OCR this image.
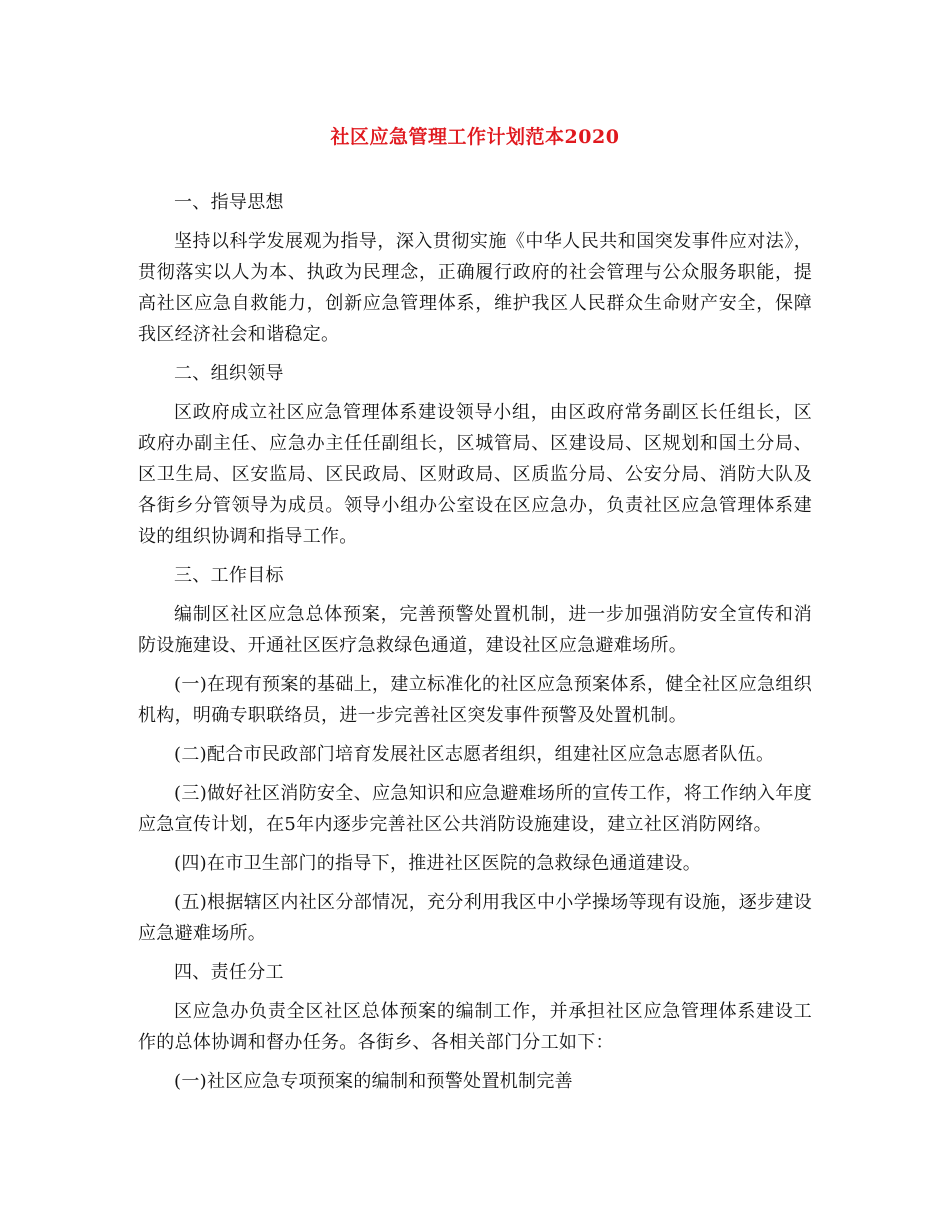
社区应急管理工作计划范本2020
一、指导思想
坚持以科学发展观为指导，深入贯彻实施《中华人民共和国突发事件应对法》，贯彻落实以人为本、执政为民理念，正确履行政府的社会管理与公众服务职能，提高社区应急自救能力，创新应急管理体系，维护我区人民群众生命财产安全，保障我区经济社会和谐稳定。
二、组织领导
区政府成立社区应急管理体系建设领导小组，由区政府常务副区长任组长，区政府办副主任、应急办主任任副组长，区城管局、区建设局、区规划和国土分局、区卫生局、区安监局、区民政局、区财政局、区质监分局、公安分局、消防大队及各街乡分管领导为成员。领导小组办公室设在区应急办，负责社区应急管理体系建设的组织协调和指导工作。
三、工作目标
编制区社区应急总体预案，完善预警处置机制，进一步加强消防安全宣传和消防设施建设、开通社区医疗急救绿色通道，建设社区应急避难场所。
(一)在现有预案的基础上，建立标准化的社区应急预案体系，健全社区应急组织机构，明确专职联络员，进一步完善社区突发事件预警及处置机制。
(二)配合市民政部门培育发展社区志愿者组织，组建社区应急志愿者队伍。
(三)做好社区消防安全、应急知识和应急避难场所的宣传工作，将工作纳入年度应急宣传计划，在5年内逐步完善社区公共消防设施建设，建立社区消防网络。
(四)在市卫生部门的指导下，推进社区医院的急救绿色通道建设。
(五)根据辖区内社区分部情况，充分利用我区中小学操场等现有设施，逐步建设应急避难场所。
四、责任分工
区应急办负责全区社区总体预案的编制工作，并承担社区应急管理体系建设工作的总体协调和督办任务。各街乡、各相关部门分工如下：
(一)社区应急专项预案的编制和预警处置机制完善
